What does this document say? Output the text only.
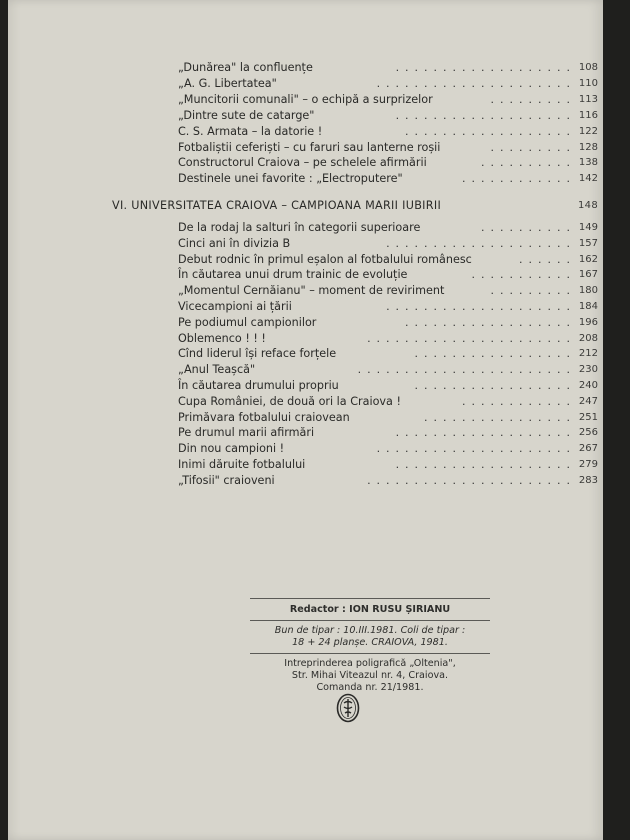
„Dunărea" la confluențe	................... 108
„A. G. Libertatea"	..................... 110
„Muncitorii comunali" – o echipă a surprizelor	......... 113
„Dintre sute de catarge"	................... 116
C. S. Armata – la datorie !	.................. 122
Fotbaliștii ceferiști – cu faruri sau lanterne roșii	......... 128
Constructorul Craiova – pe schelele afirmării	.......... 138
Destinele unei favorite : „Electroputere"	............ 142
VI. UNIVERSITATEA CRAIOVA – CAMPIOANA MARII IUBIRII	148
De la rodaj la salturi în categorii superioare	.......... 149
Cinci ani în divizia B	.................... 157
Debut rodnic în primul eșalon al fotbalului românesc	...... 162
În căutarea unui drum trainic de evoluție	........... 167
„Momentul Cernăianu" – moment de reviriment	......... 180
Vicecampioni ai țării	.................... 184
Pe podiumul campionilor	.................. 196
Oblemenco ! ! !	...................... 208
Cînd liderul își reface forțele	................. 212
„Anul Teașcă"	....................... 230
În căutarea drumului propriu	................. 240
Cupa României, de două ori la Craiova !	............ 247
Primăvara fotbalului craiovean	................ 251
Pe drumul marii afirmări	................... 256
Din nou campioni !	..................... 267
Inimi dăruite fotbalului	................... 279
„Tifosii" craioveni	...................... 283
Redactor : ION RUSU ȘIRIANU
Bun de tipar : 10.III.1981. Coli de tipar :
18 + 24 planșe. CRAIOVA, 1981.
Intreprinderea poligrafică „Oltenia",
Str. Mihai Viteazul nr. 4, Craiova.
Comanda nr. 21/1981.
